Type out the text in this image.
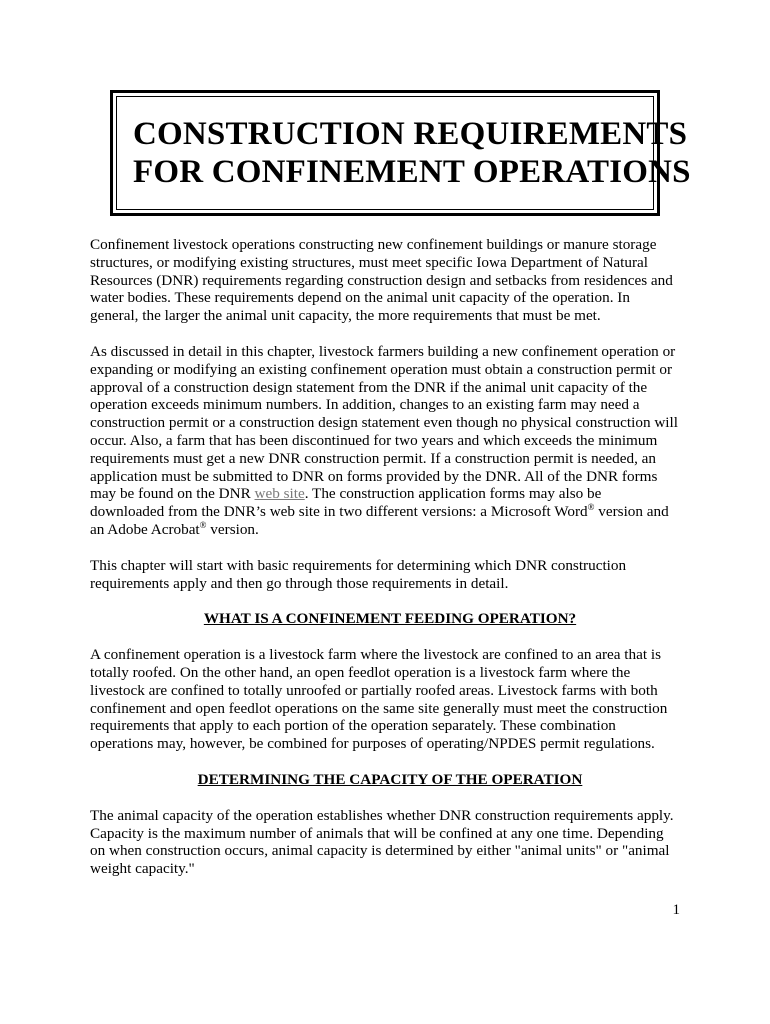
CONSTRUCTION REQUIREMENTS
FOR CONFINEMENT OPERATIONS

Confinement livestock operations constructing new confinement buildings or manure storage
structures, or modifying existing structures, must meet specific Iowa Department of Natural
Resources (DNR) requirements regarding construction design and setbacks from residences and
water bodies. These requirements depend on the animal unit capacity of the operation. In
general, the larger the animal unit capacity, the more requirements that must be met.

As discussed in detail in this chapter, livestock farmers building a new confinement operation or
expanding or modifying an existing confinement operation must obtain a construction permit or
approval of a construction design statement from the DNR if the animal unit capacity of the
operation exceeds minimum numbers. In addition, changes to an existing farm may need a
construction permit or a construction design statement even though no physical construction will
occur. Also, a farm that has been discontinued for two years and which exceeds the minimum
requirements must get a new DNR construction permit. If a construction permit is needed, an
application must be submitted to DNR on forms provided by the DNR. All of the DNR forms
may be found on the DNR web site. The construction application forms may also be
downloaded from the DNR’s web site in two different versions: a Microsoft Word® version and
an Adobe Acrobat® version.

This chapter will start with basic requirements for determining which DNR construction
requirements apply and then go through those requirements in detail.

WHAT IS A CONFINEMENT FEEDING OPERATION?

A confinement operation is a livestock farm where the livestock are confined to an area that is
totally roofed. On the other hand, an open feedlot operation is a livestock farm where the
livestock are confined to totally unroofed or partially roofed areas. Livestock farms with both
confinement and open feedlot operations on the same site generally must meet the construction
requirements that apply to each portion of the operation separately. These combination
operations may, however, be combined for purposes of operating/NPDES permit regulations.

DETERMINING THE CAPACITY OF THE OPERATION

The animal capacity of the operation establishes whether DNR construction requirements apply.
Capacity is the maximum number of animals that will be confined at any one time. Depending
on when construction occurs, animal capacity is determined by either "animal units" or "animal
weight capacity."

1
